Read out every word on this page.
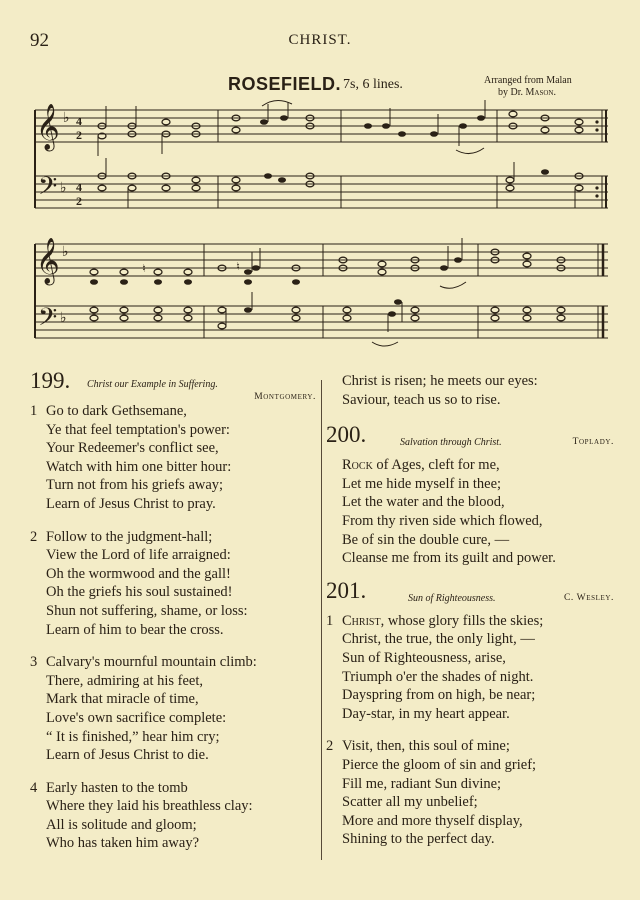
92	CHRIST.
ROSEFIELD. 7s, 6 lines.	Arranged from Malan
by Dr. Mason.
𝄞
𝄢
♭
♭
4
2
4
2
𝄞
𝄢
♭
♭
♮	♮
199. Christ our Example in Suffering.
Montgomery.
1 Go to dark Gethsemane,
Ye that feel temptation's power:
Your Redeemer's conflict see,
Watch with him one bitter hour:
Turn not from his griefs away;
Learn of Jesus Christ to pray.
2 Follow to the judgment-hall;
View the Lord of life arraigned:
Oh the wormwood and the gall!
Oh the griefs his soul sustained!
Shun not suffering, shame, or loss:
Learn of him to bear the cross.
3 Calvary's mournful mountain climb:
There, admiring at his feet,
Mark that miracle of time,
Love's own sacrifice complete:
“ It is finished,” hear him cry;
Learn of Jesus Christ to die.
4 Early hasten to the tomb
Where they laid his breathless clay:
All is solitude and gloom;
Who has taken him away?
Christ is risen; he meets our eyes:
Saviour, teach us so to rise.
200.	Salvation through Christ.	Toplady.
Rock of Ages, cleft for me,
Let me hide myself in thee;
Let the water and the blood,
From thy riven side which flowed,
Be of sin the double cure, —
Cleanse me from its guilt and power.
201.	Sun of Righteousness.	C. Wesley.
1 Christ, whose glory fills the skies;
Christ, the true, the only light, —
Sun of Righteousness, arise,
Triumph o'er the shades of night.
Dayspring from on high, be near;
Day-star, in my heart appear.
2 Visit, then, this soul of mine;
Pierce the gloom of sin and grief;
Fill me, radiant Sun divine;
Scatter all my unbelief;
More and more thyself display,
Shining to the perfect day.
